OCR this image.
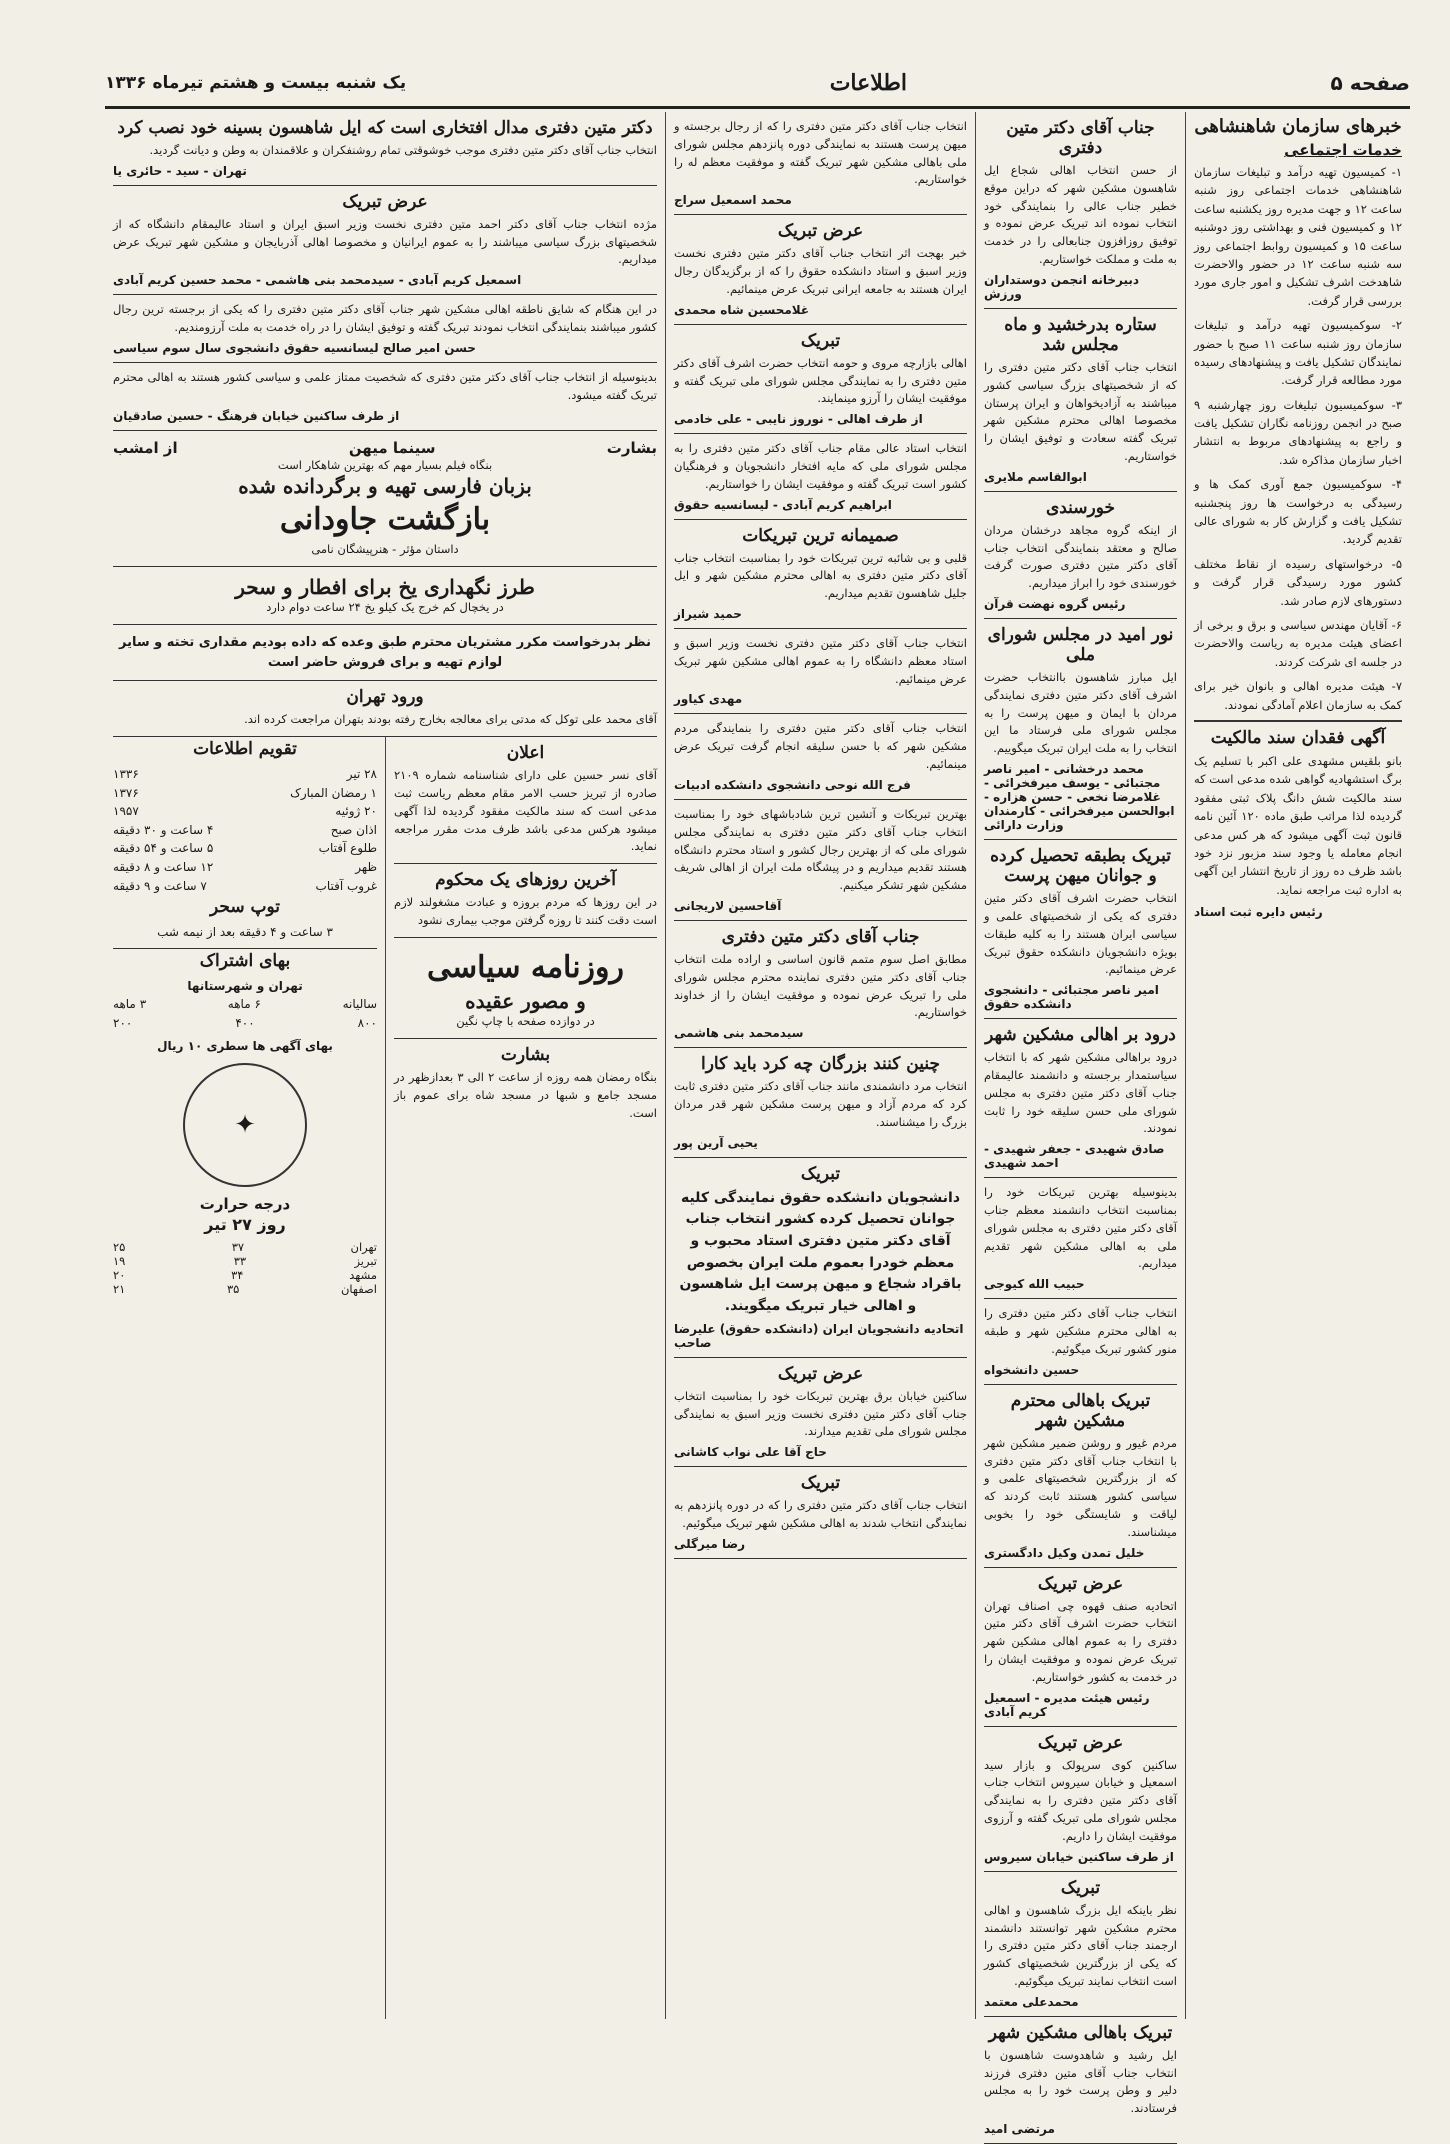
صفحه ۵
اطلاعات
یک شنبه بیست و هشتم تیرماه ۱۳۳۶
خبرهای سازمان شاهنشاهی
خدمات اجتماعی

۱- کمیسیون تهیه درآمد و تبلیغات سازمان شاهنشاهی خدمات اجتماعی روز شنبه ساعت ۱۲ و جهت مدیره روز یکشنبه ساعت ۱۲ و کمیسیون فنی و بهداشتی روز دوشنبه ساعت ۱۵ و کمیسیون روابط اجتماعی روز سه شنبه ساعت ۱۲ در حضور والاحضرت شاهدخت اشرف تشکیل و امور جاری مورد بررسی قرار گرفت.

۲- سوکمیسیون تهیه درآمد و تبلیغات سازمان روز شنبه ساعت ۱۱ صبح با حضور نمایندگان تشکیل یافت و پیشنهادهای رسیده مورد مطالعه قرار گرفت.

۳- سوکمیسیون تبلیغات روز چهارشنبه ۹ صبح در انجمن روزنامه نگاران تشکیل یافت و راجع به پیشنهادهای مربوط به انتشار اخبار سازمان مذاکره شد.

۴- سوکمیسیون جمع آوری کمک ها و رسیدگی به درخواست ها روز پنجشنبه تشکیل یافت و گزارش کار به شورای عالی تقدیم گردید.

۵- درخواستهای رسیده از نقاط مختلف کشور مورد رسیدگی قرار گرفت و دستورهای لازم صادر شد.

۶- آقایان مهندس سیاسی و برق و برخی از اعضای هیئت مدیره به ریاست والاحضرت در جلسه ای شرکت کردند.

۷- هیئت مدیره اهالی و بانوان خیر برای کمک به سازمان اعلام آمادگی نمودند.

آگهی فقدان سند مالکیت

بانو بلقیس مشهدی علی اکبر با تسلیم یک برگ استشهادیه گواهی شده مدعی است که سند مالکیت شش دانگ پلاک ثبتی مفقود گردیده لذا مراتب طبق ماده ۱۲۰ آئین نامه قانون ثبت آگهی میشود که هر کس مدعی انجام معامله یا وجود سند مزبور نزد خود باشد ظرف ده روز از تاریخ انتشار این آگهی به اداره ثبت مراجعه نماید.

رئیس دایره ثبت اسناد
جناب آقای دکتر متین دفتری

از حسن انتخاب اهالی شجاع ایل شاهسون مشکین شهر که دراین موقع خطیر جناب عالی را بنمایندگی خود انتخاب نموده اند تبریک عرض نموده و توفیق روزافزون جنابعالی را در خدمت به ملت و مملکت خواستاریم.

دبیرخانه انجمن دوستداران ورزش
ستاره بدرخشید و ماه مجلس شد

انتخاب جناب آقای دکتر متین دفتری را که از شخصیتهای بزرگ سیاسی کشور میباشند به آزادیخواهان و ایران پرستان مخصوصا اهالی محترم مشکین شهر تبریک گفته سعادت و توفیق ایشان را خواستاریم.

ابوالقاسم ملایری
خورسندی

از اینکه گروه مجاهد درخشان مردان صالح و معتقد بنمایندگی انتخاب جناب آقای دکتر متین دفتری صورت گرفت خورسندی خود را ابراز میداریم.

رئیس گروه نهضت قرآن
نور امید در مجلس شورای ملی

ایل مبارز شاهسون باانتخاب حضرت اشرف آقای دکتر متین دفتری نمایندگی مردان با ایمان و میهن پرست را به مجلس شورای ملی فرستاد ما این انتخاب را به ملت ایران تبریک میگوییم.

محمد درخشانی - امیر ناصر مجتبائی - یوسف میرفخرائی - غلامرضا نخعی - حسن هزاره - ابوالحسن میرفخرائی - کارمندان وزارت دارائی
تبریک بطبقه تحصیل کرده و جوانان میهن پرست

انتخاب حضرت اشرف آقای دکتر متین دفتری که یکی از شخصیتهای علمی و سیاسی ایران هستند را به کلیه طبقات بویژه دانشجویان دانشکده حقوق تبریک عرض مینمائیم.

امیر ناصر مجتبائی - دانشجوی دانشکده حقوق
درود بر اهالی مشکین شهر

درود براهالی مشکین شهر که با انتخاب سیاستمدار برجسته و دانشمند عالیمقام جناب آقای دکتر متین دفتری به مجلس شورای ملی حسن سلیقه خود را ثابت نمودند.

صادق شهیدی - جعفر شهیدی - احمد شهیدی

بدینوسیله بهترین تبریکات خود را بمناسبت انتخاب دانشمند معظم جناب آقای دکتر متین دفتری به مجلس شورای ملی به اهالی مشکین شهر تقدیم میداریم.

حبیب الله کیوجی

انتخاب جناب آقای دکتر متین دفتری را به اهالی محترم مشکین شهر و طبقه منور کشور تبریک میگوئیم.

حسین دانشخواه
تبریک باهالی محترم مشکین شهر

مردم غیور و روشن ضمیر مشکین شهر با انتخاب جناب آقای دکتر متین دفتری که از بزرگترین شخصیتهای علمی و سیاسی کشور هستند ثابت کردند که لیاقت و شایستگی خود را بخوبی میشناسند.

خلیل تمدن وکیل دادگستری
عرض تبریک

اتحادیه صنف قهوه چی اصناف تهران انتخاب حضرت اشرف آقای دکتر متین دفتری را به عموم اهالی مشکین شهر تبریک عرض نموده و موفقیت ایشان را در خدمت به کشور خواستاریم.

رئیس هیئت مدیره - اسمعیل کریم آبادی
عرض تبریک

ساکنین کوی سرپولک و بازار سید اسمعیل و خیابان سیروس انتخاب جناب آقای دکتر متین دفتری را به نمایندگی مجلس شورای ملی تبریک گفته و آرزوی موفقیت ایشان را داریم.

از طرف ساکنین خیابان سیروس
تبریک

نظر باینکه ایل بزرگ شاهسون و اهالی محترم مشکین شهر توانستند دانشمند ارجمند جناب آقای دکتر متین دفتری را که یکی از بزرگترین شخصیتهای کشور است انتخاب نمایند تبریک میگوئیم.

محمدعلی معتمد
تبریک باهالی مشکین شهر

ایل رشید و شاهدوست شاهسون با انتخاب جناب آقای متین دفتری فرزند دلیر و وطن پرست خود را به مجلس فرستادند.

مرتضی امید

انتخاب جناب آقای دکتر متین دفتری را که از رجال برجسته و میهن پرست هستند به نمایندگی دوره پانزدهم مجلس شورای ملی باهالی مشکین شهر تبریک گفته و موفقیت معظم له را خواستاریم.

محمد اسمعیل سراج
عرض تبریک

خبر بهجت اثر انتخاب جناب آقای دکتر متین دفتری نخست وزیر اسبق و استاد دانشکده حقوق را که از برگزیدگان رجال ایران هستند به جامعه ایرانی تبریک عرض مینمائیم.

غلامحسین شاه محمدی
تبریک

اهالی بازارچه مروی و حومه انتخاب حضرت اشرف آقای دکتر متین دفتری را به نمایندگی مجلس شورای ملی تبریک گفته و موفقیت ایشان را آرزو مینمایند.

از طرف اهالی - نوروز نایبی - علی خادمی

انتخاب استاد عالی مقام جناب آقای دکتر متین دفتری را به مجلس شورای ملی که مایه افتخار دانشجویان و فرهنگیان کشور است تبریک گفته و موفقیت ایشان را خواستاریم.

ابراهیم کریم آبادی - لیسانسیه حقوق
صمیمانه ترین تبریکات

قلبی و بی شائبه ترین تبریکات خود را بمناسبت انتخاب جناب آقای دکتر متین دفتری به اهالی محترم مشکین شهر و ایل جلیل شاهسون تقدیم میداریم.

حمید شیراز

انتخاب جناب آقای دکتر متین دفتری نخست وزیر اسبق و استاد معظم دانشگاه را به عموم اهالی مشکین شهر تبریک عرض مینمائیم.

مهدی کیاور

انتخاب جناب آقای دکتر متین دفتری را بنمایندگی مردم مشکین شهر که با حسن سلیقه انجام گرفت تبریک عرض مینمائیم.

فرج الله نوحی دانشجوی دانشکده ادبیات

بهترین تبریکات و آتشین ترین شادباشهای خود را بمناسبت انتخاب جناب آقای دکتر متین دفتری به نمایندگی مجلس شورای ملی که از بهترین رجال کشور و استاد محترم دانشگاه هستند تقدیم میداریم و در پیشگاه ملت ایران از اهالی شریف مشکین شهر تشکر میکنیم.

آقاحسین لاریجانی
جناب آقای دکتر متین دفتری

مطابق اصل سوم متمم قانون اساسی و اراده ملت انتخاب جناب آقای دکتر متین دفتری نماینده محترم مجلس شورای ملی را تبریک عرض نموده و موفقیت ایشان را از خداوند خواستاریم.

سیدمحمد بنی هاشمی
چنین کنند بزرگان چه کرد باید کارا

انتخاب مرد دانشمندی مانند جناب آقای دکتر متین دفتری ثابت کرد که مردم آزاد و میهن پرست مشکین شهر قدر مردان بزرگ را میشناسند.

یحیی آرین پور
تبریک

دانشجویان دانشکده حقوق نمایندگی کلیه جوانان تحصیل کرده کشور انتخاب جناب آقای دکتر متین دفتری استاد محبوب و معظم خودرا بعموم ملت ایران بخصوص باقراد شجاع و میهن پرست ایل شاهسون و اهالی خیار تبریک میگویند.

اتحادیه دانشجویان ایران (دانشکده حقوق) علیرضا صاحب
عرض تبریک

ساکنین خیابان برق بهترین تبریکات خود را بمناسبت انتخاب جناب آقای دکتر متین دفتری نخست وزیر اسبق به نمایندگی مجلس شورای ملی تقدیم میدارند.

حاج آقا علی نواب کاشانی
تبریک

انتخاب جناب آقای دکتر متین دفتری را که در دوره پانزدهم به نمایندگی انتخاب شدند به اهالی مشکین شهر تبریک میگوئیم.

رضا میرگلی
دکتر متین دفتری مدال افتخاری است که ایل شاهسون بسینه خود نصب کرد

انتخاب جناب آقای دکتر متین دفتری موجب خوشوقتی تمام روشنفکران و علاقمندان به وطن و دیانت گردید.

تهران - سید - حائری یا
عرض تبریک

مژده انتخاب جناب آقای دکتر احمد متین دفتری نخست وزیر اسبق ایران و استاد عالیمقام دانشگاه که از شخصیتهای بزرگ سیاسی میباشند را به عموم ایرانیان و مخصوصا اهالی آذربایجان و مشکین شهر تبریک عرض میداریم.

اسمعیل کریم آبادی - سیدمحمد بنی هاشمی - محمد حسین کریم آبادی

در این هنگام که شایق ناطقه اهالی مشکین شهر جناب آقای دکتر متین دفتری را که یکی از برجسته ترین رجال کشور میباشند بنمایندگی انتخاب نمودند تبریک گفته و توفیق ایشان را در راه خدمت به ملت آرزومندیم.

حسن امیر صالح لیسانسیه حقوق دانشجوی سال سوم سیاسی

بدینوسیله از انتخاب جناب آقای دکتر متین دفتری که شخصیت ممتاز علمی و سیاسی کشور هستند به اهالی محترم تبریک گفته میشود.

از طرف ساکنین خیابان فرهنگ - حسین صادقیان
بشارت
سینما میهن
از امشب

بنگاه فیلم بسیار مهم که بهترین شاهکار است

بزبان فارسی تهیه و برگردانده شده
بازگشت جاودانی

داستان مؤثر - هنرپیشگان نامی

طرز نگهداری یخ برای افطار و سحر

در یخچال کم خرج یک کیلو یخ ۲۴ ساعت دوام دارد

نظر بدرخواست مکرر مشتریان محترم طبق وعده که داده بودیم مقداری تخته و سایر لوازم تهیه و برای فروش حاضر است

ورود تهران

آقای محمد علی توکل که مدتی برای معالجه بخارج رفته بودند بتهران مراجعت کرده اند.

اعلان

آقای نسر حسین علی دارای شناسنامه شماره ۲۱۰۹ صادره از تبریز حسب الامر مقام معظم ریاست ثبت مدعی است که سند مالکیت مفقود گردیده لذا آگهی میشود هرکس مدعی باشد ظرف مدت مقرر مراجعه نماید.

آخرین روزهای یک محکوم

در این روزها که مردم بروزه و عبادت مشغولند لازم است دقت کنند تا روزه گرفتن موجب بیماری نشود

روزنامه سیاسی
و مصور عقیده

در دوازده صفحه با چاپ نگین

بشارت

بنگاه رمضان همه روزه از ساعت ۲ الی ۳ بعدازظهر در مسجد جامع و شبها در مسجد شاه برای عموم باز است.

تقویم اطلاعات
۲۸ تیر
۱۳۳۶
۱ رمضان المبارک
۱۳۷۶
۲۰ ژوئیه
۱۹۵۷
اذان صبح
۴ ساعت و ۳۰ دقیقه
طلوع آفتاب
۵ ساعت و ۵۴ دقیقه
ظهر
۱۲ ساعت و ۸ دقیقه
غروب آفتاب
۷ ساعت و ۹ دقیقه
توپ سحر
۳ ساعت و ۴ دقیقه بعد از نیمه شب
بهای اشتراک
تهران و شهرستانها
سالیانه
۶ ماهه
۳ ماهه
۸۰۰
۴۰۰
۲۰۰
بهای آگهی ها سطری ۱۰ ریال
✦
درجه حرارت
روز ۲۷ تیر
تهران
۳۷
۲۵
تبریز
۳۳
۱۹
مشهد
۳۴
۲۰
اصفهان
۳۵
۲۱
